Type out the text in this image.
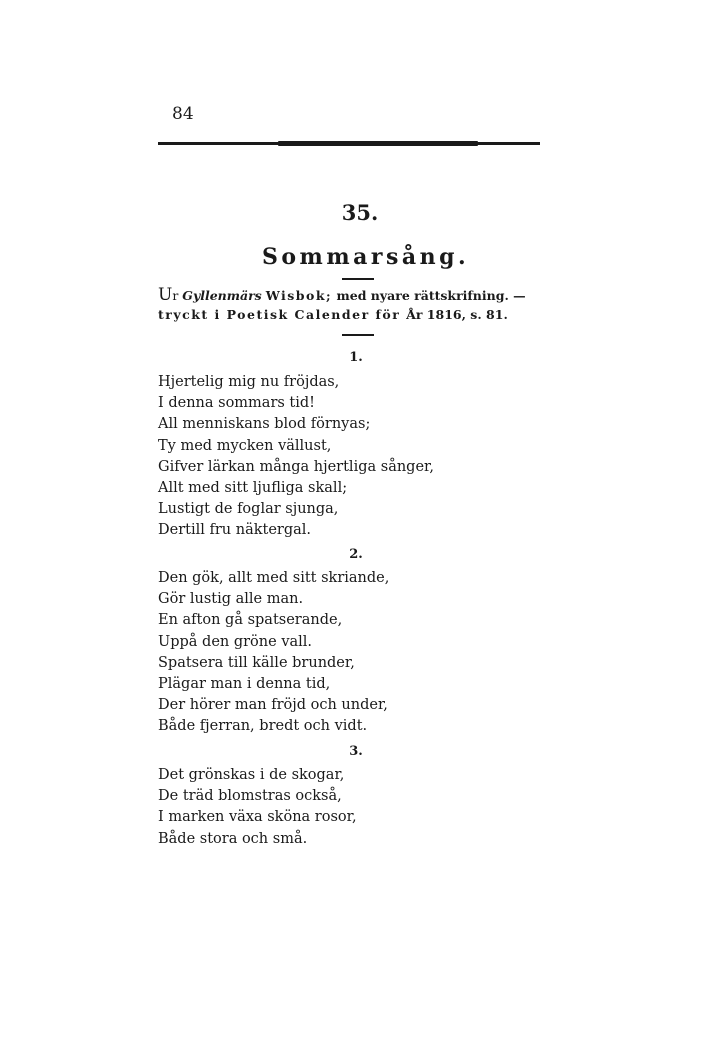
84
35.
Sommarsång.
Ur Gyllenmärs Wisbok; med nyare rättskrifning. —
tryckt i Poetisk Calender för År 1816, s. 81.
1.
Hjertelig mig nu fröjdas,
I denna sommars tid!
All menniskans blod förnyas;
Ty med mycken vällust,
Gifver lärkan många hjertliga sånger,
Allt med sitt ljufliga skall;
Lustigt de foglar sjunga,
Dertill fru näktergal.
2.
Den gök, allt med sitt skriande,
Gör lustig alle man.
En afton gå spatserande,
Uppå den gröne vall.
Spatsera till källe brunder,
Plägar man i denna tid,
Der hörer man fröjd och under,
Både fjerran, bredt och vidt.
3.
Det grönskas i de skogar,
De träd blomstras också,
I marken växa sköna rosor,
Både stora och små.
